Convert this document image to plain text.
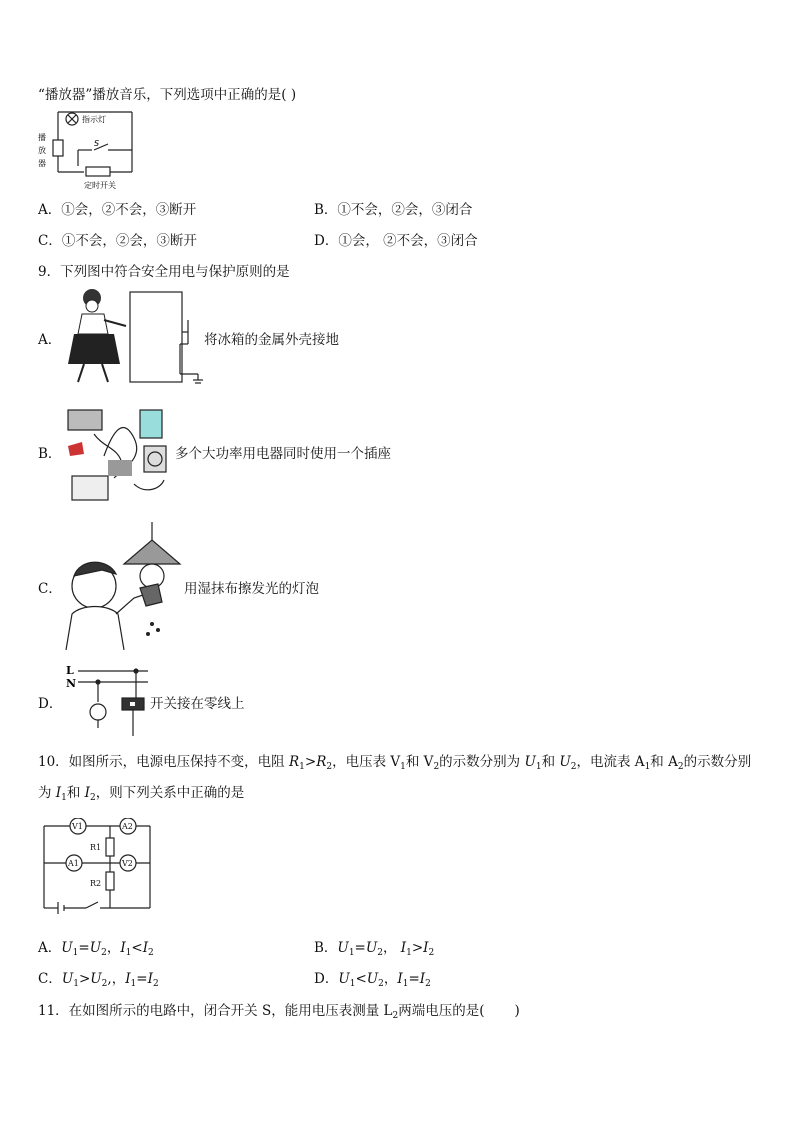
“播放器”播放音乐，下列选项中正确的是( )
播
放
器
指示灯
S
定时开关
A．①会，②不会，③断开	B．①不会，②会，③闭合
C．①不会，②会，③断开	D．①会， ②不会，③闭合
9．下列图中符合安全用电与保护原则的是
A．	将冰箱的金属外壳接地
B．	多个大功率用电器同时使用一个插座
C．	用湿抹布擦发光的灯泡
D．
L
N
开关接在零线上
10．如图所示，电源电压保持不变，电阻 $R_1>R_2$，电压表 $V_1$和 $V_2$的示数分别为 $U_1$和 $U_2$，电流表 $A_1$和 $A_2$的示数分别
为 $I_1$和 $I_2$，则下列关系中正确的是
V1	A2
R1
A1	V2
R2
A．$U_1=U_2$，$I_1<I_2$	B．$U_1=U_2$， $I_1>I_2$
C．$U_1>U_2$,，$I_1=I_2$	D．$U_1<U_2$，$I_1=I_2$
11．在如图所示的电路中，闭合开关 S，能用电压表测量 $L_2$两端电压的是(       )
